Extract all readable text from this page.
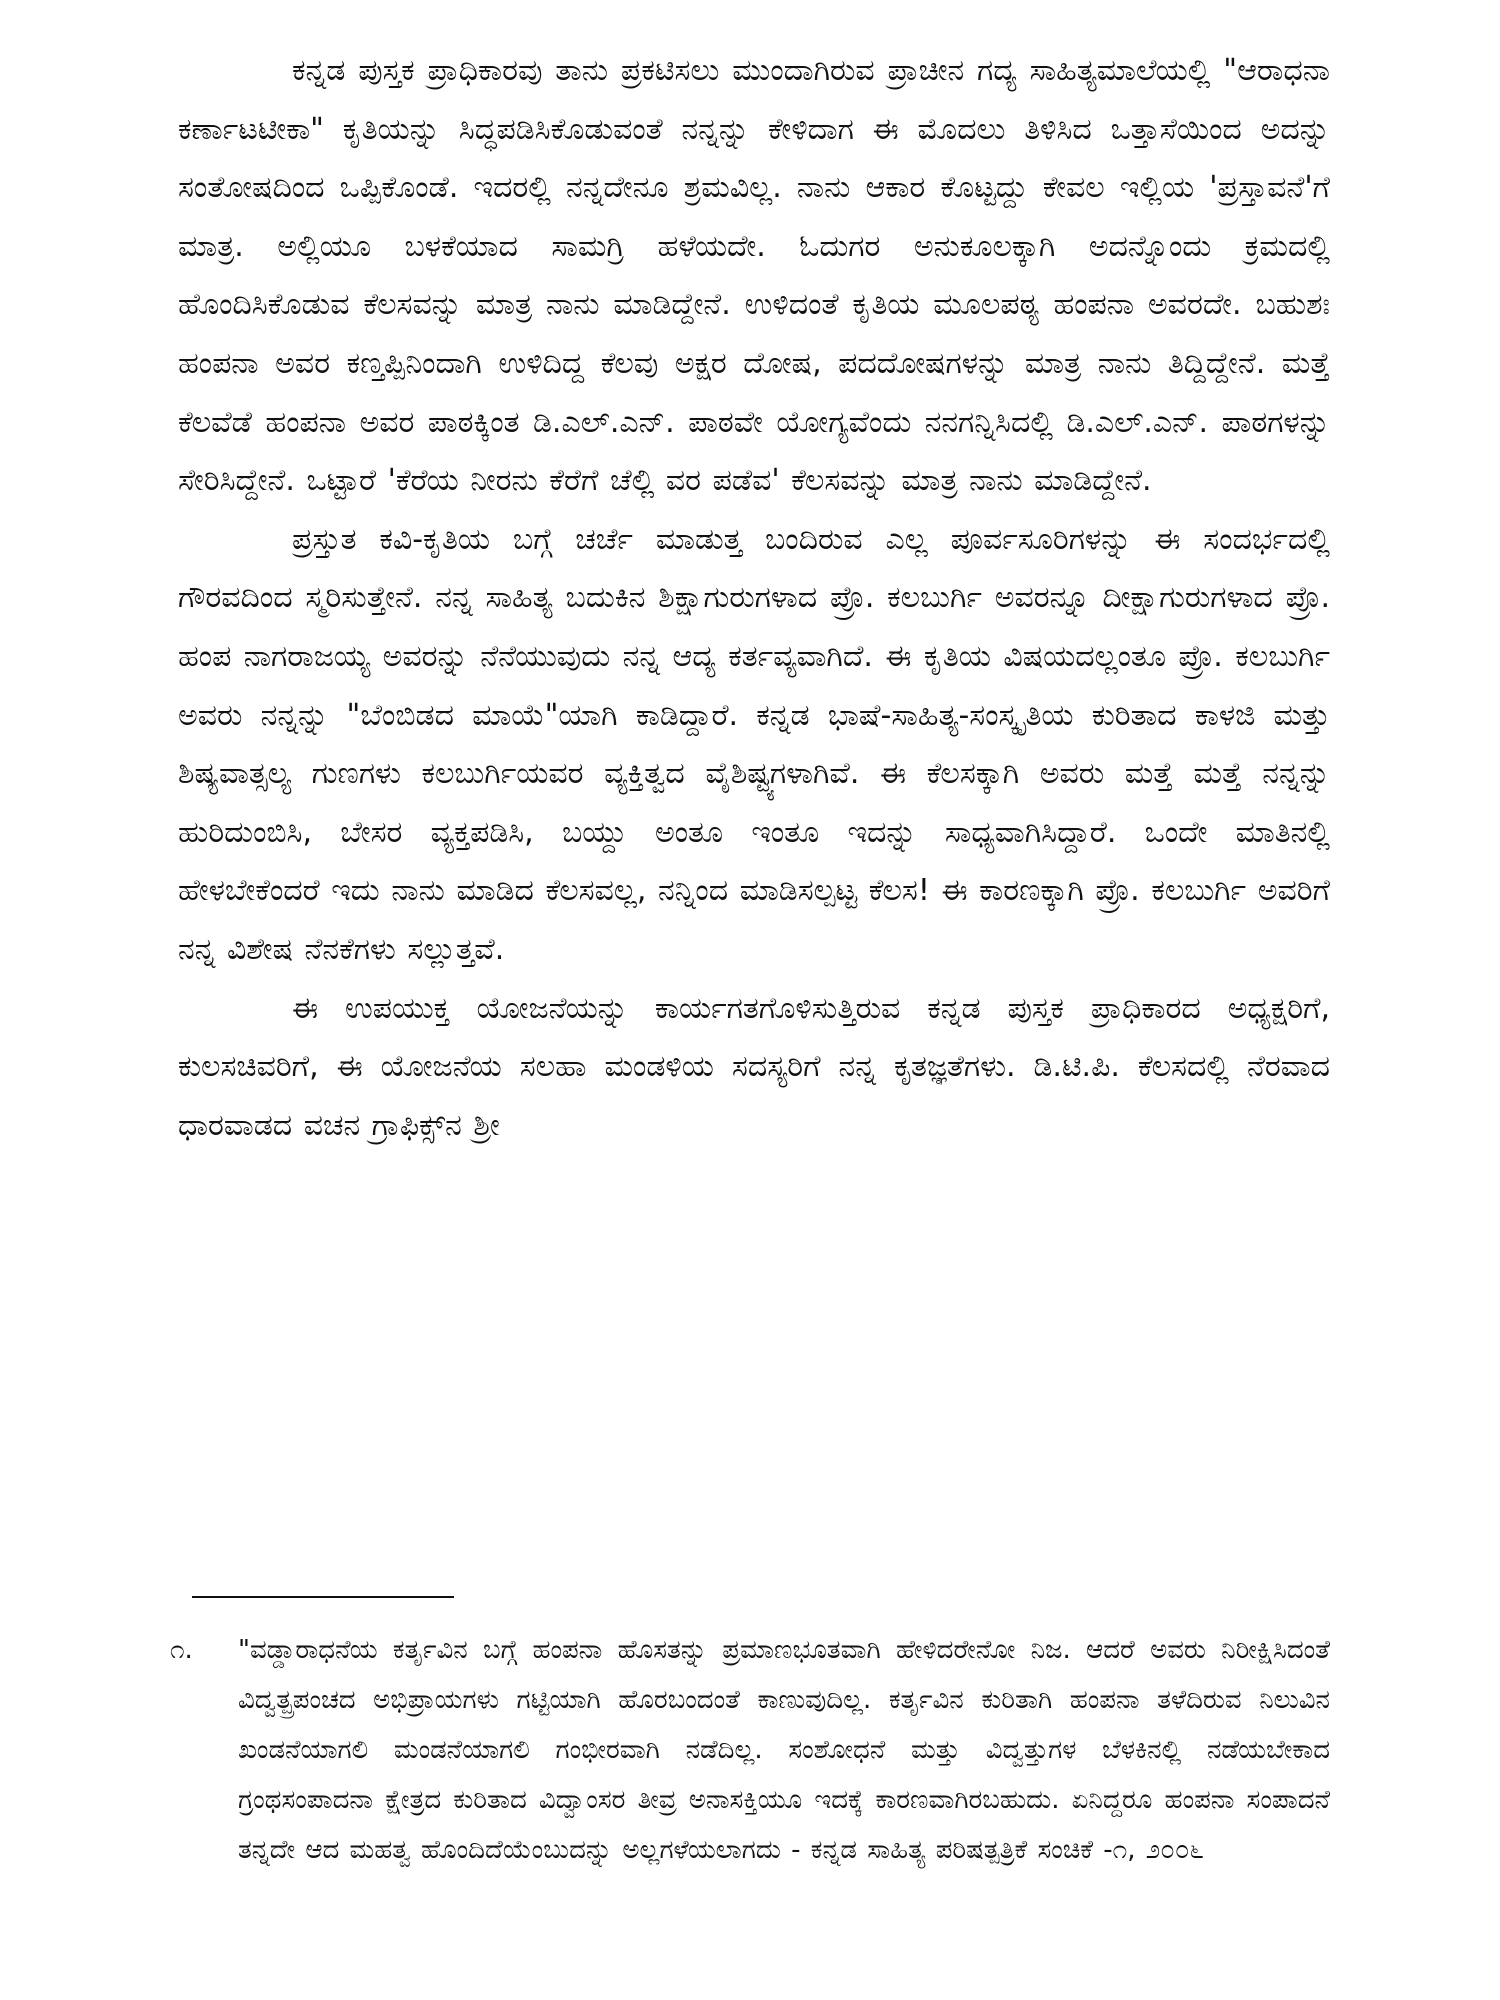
ಕನ್ನಡ ಪುಸ್ತಕ ಪ್ರಾಧಿಕಾರವು ತಾನು ಪ್ರಕಟಿಸಲು ಮುಂದಾಗಿರುವ ಪ್ರಾಚೀನ ಗದ್ಯ ಸಾಹಿತ್ಯಮಾಲೆಯಲ್ಲಿ "ಆರಾಧನಾ ಕರ್ಣಾಟಟೀಕಾ" ಕೃತಿಯನ್ನು ಸಿದ್ಧಪಡಿಸಿಕೊಡುವಂತೆ ನನ್ನನ್ನು ಕೇಳಿದಾಗ ಈ ಮೊದಲು ತಿಳಿಸಿದ ಒತ್ತಾಸೆಯಿಂದ ಅದನ್ನು ಸಂತೋಷದಿಂದ ಒಪ್ಪಿಕೊಂಡೆ. ಇದರಲ್ಲಿ ನನ್ನದೇನೂ ಶ್ರಮವಿಲ್ಲ. ನಾನು ಆಕಾರ ಕೊಟ್ಟದ್ದು ಕೇವಲ ಇಲ್ಲಿಯ 'ಪ್ರಸ್ತಾವನೆ'ಗೆ ಮಾತ್ರ. ಅಲ್ಲಿಯೂ ಬಳಕೆಯಾದ ಸಾಮಗ್ರಿ ಹಳೆಯದೇ. ಓದುಗರ ಅನುಕೂಲಕ್ಕಾಗಿ ಅದನ್ನೊಂದು ಕ್ರಮದಲ್ಲಿ ಹೊಂದಿಸಿಕೊಡುವ ಕೆಲಸವನ್ನು ಮಾತ್ರ ನಾನು ಮಾಡಿದ್ದೇನೆ. ಉಳಿದಂತೆ ಕೃತಿಯ ಮೂಲಪಠ್ಯ ಹಂಪನಾ ಅವರದೇ. ಬಹುಶಃ ಹಂಪನಾ ಅವರ ಕಣ್ತಪ್ಪಿನಿಂದಾಗಿ ಉಳಿದಿದ್ದ ಕೆಲವು ಅಕ್ಷರ ದೋಷ, ಪದದೋಷಗಳನ್ನು ಮಾತ್ರ ನಾನು ತಿದ್ದಿದ್ದೇನೆ. ಮತ್ತೆ ಕೆಲವೆಡೆ ಹಂಪನಾ ಅವರ ಪಾಠಕ್ಕಿಂತ ಡಿ.ಎಲ್.ಎನ್. ಪಾಠವೇ ಯೋಗ್ಯವೆಂದು ನನಗನ್ನಿಸಿದಲ್ಲಿ ಡಿ.ಎಲ್.ಎನ್. ಪಾಠಗಳನ್ನು ಸೇರಿಸಿದ್ದೇನೆ. ಒಟ್ಟಾರೆ 'ಕೆರೆಯ ನೀರನು ಕೆರೆಗೆ ಚೆಲ್ಲಿ ವರ ಪಡೆವ' ಕೆಲಸವನ್ನು ಮಾತ್ರ ನಾನು ಮಾಡಿದ್ದೇನೆ.

ಪ್ರಸ್ತುತ ಕವಿ-ಕೃತಿಯ ಬಗ್ಗೆ ಚರ್ಚೆ ಮಾಡುತ್ತ ಬಂದಿರುವ ಎಲ್ಲ ಪೂರ್ವಸೂರಿಗಳನ್ನು ಈ ಸಂದರ್ಭದಲ್ಲಿ ಗೌರವದಿಂದ ಸ್ಮರಿಸುತ್ತೇನೆ. ನನ್ನ ಸಾಹಿತ್ಯ ಬದುಕಿನ ಶಿಕ್ಷಾಗುರುಗಳಾದ ಪ್ರೊ. ಕಲಬುರ್ಗಿ ಅವರನ್ನೂ ದೀಕ್ಷಾಗುರುಗಳಾದ ಪ್ರೊ. ಹಂಪ ನಾಗರಾಜಯ್ಯ ಅವರನ್ನು ನೆನೆಯುವುದು ನನ್ನ ಆದ್ಯ ಕರ್ತವ್ಯವಾಗಿದೆ. ಈ ಕೃತಿಯ ವಿಷಯದಲ್ಲಂತೂ ಪ್ರೊ. ಕಲಬುರ್ಗಿ ಅವರು ನನ್ನನ್ನು "ಬೆಂಬಿಡದ ಮಾಯೆ"ಯಾಗಿ ಕಾಡಿದ್ದಾರೆ. ಕನ್ನಡ ಭಾಷೆ-ಸಾಹಿತ್ಯ-ಸಂಸ್ಕೃತಿಯ ಕುರಿತಾದ ಕಾಳಜಿ ಮತ್ತು ಶಿಷ್ಯವಾತ್ಸಲ್ಯ ಗುಣಗಳು ಕಲಬುರ್ಗಿಯವರ ವ್ಯಕ್ತಿತ್ವದ ವೈಶಿಷ್ಟ್ಯಗಳಾಗಿವೆ. ಈ ಕೆಲಸಕ್ಕಾಗಿ ಅವರು ಮತ್ತೆ ಮತ್ತೆ ನನ್ನನ್ನು ಹುರಿದುಂಬಿಸಿ, ಬೇಸರ ವ್ಯಕ್ತಪಡಿಸಿ, ಬಯ್ದು ಅಂತೂ ಇಂತೂ ಇದನ್ನು ಸಾಧ್ಯವಾಗಿಸಿದ್ದಾರೆ. ಒಂದೇ ಮಾತಿನಲ್ಲಿ ಹೇಳಬೇಕೆಂದರೆ ಇದು ನಾನು ಮಾಡಿದ ಕೆಲಸವಲ್ಲ, ನನ್ನಿಂದ ಮಾಡಿಸಲ್ಪಟ್ಟ ಕೆಲಸ! ಈ ಕಾರಣಕ್ಕಾಗಿ ಪ್ರೊ. ಕಲಬುರ್ಗಿ ಅವರಿಗೆ ನನ್ನ ವಿಶೇಷ ನೆನಕೆಗಳು ಸಲ್ಲುತ್ತವೆ.

ಈ ಉಪಯುಕ್ತ ಯೋಜನೆಯನ್ನು ಕಾರ್ಯಗತಗೊಳಿಸುತ್ತಿರುವ ಕನ್ನಡ ಪುಸ್ತಕ ಪ್ರಾಧಿಕಾರದ ಅಧ್ಯಕ್ಷರಿಗೆ, ಕುಲಸಚಿವರಿಗೆ, ಈ ಯೋಜನೆಯ ಸಲಹಾ ಮಂಡಳಿಯ ಸದಸ್ಯರಿಗೆ ನನ್ನ ಕೃತಜ್ಞತೆಗಳು. ಡಿ.ಟಿ.ಪಿ. ಕೆಲಸದಲ್ಲಿ ನೆರವಾದ ಧಾರವಾಡದ ವಚನ ಗ್ರಾಫಿಕ್ಸ್‌ನ ಶ್ರೀ

೧.	"ವಡ್ಡಾರಾಧನೆಯ ಕರ್ತೃವಿನ ಬಗ್ಗೆ ಹಂಪನಾ ಹೊಸತನ್ನು ಪ್ರಮಾಣಭೂತವಾಗಿ ಹೇಳಿದರೇನೋ ನಿಜ. ಆದರೆ ಅವರು ನಿರೀಕ್ಷಿಸಿದಂತೆ ವಿದ್ವತ್ಪ್ರಪಂಚದ ಅಭಿಪ್ರಾಯಗಳು ಗಟ್ಟಿಯಾಗಿ ಹೊರಬಂದಂತೆ ಕಾಣುವುದಿಲ್ಲ. ಕರ್ತೃವಿನ ಕುರಿತಾಗಿ ಹಂಪನಾ ತಳೆದಿರುವ ನಿಲುವಿನ ಖಂಡನೆಯಾಗಲಿ ಮಂಡನೆಯಾಗಲಿ ಗಂಭೀರವಾಗಿ ನಡೆದಿಲ್ಲ. ಸಂಶೋಧನೆ ಮತ್ತು ವಿದ್ವತ್ತುಗಳ ಬೆಳಕಿನಲ್ಲಿ ನಡೆಯಬೇಕಾದ ಗ್ರಂಥಸಂಪಾದನಾ ಕ್ಷೇತ್ರದ ಕುರಿತಾದ ವಿದ್ವಾಂಸರ ತೀವ್ರ ಅನಾಸಕ್ತಿಯೂ ಇದಕ್ಕೆ ಕಾರಣವಾಗಿರಬಹುದು. ಏನಿದ್ದರೂ ಹಂಪನಾ ಸಂಪಾದನೆ ತನ್ನದೇ ಆದ ಮಹತ್ವ ಹೊಂದಿದೆಯೆಂಬುದನ್ನು ಅಲ್ಲಗಳೆಯಲಾಗದು - ಕನ್ನಡ ಸಾಹಿತ್ಯ ಪರಿಷತ್ಪತ್ರಿಕೆ ಸಂಚಿಕೆ -೧, ೨೦೦೬
